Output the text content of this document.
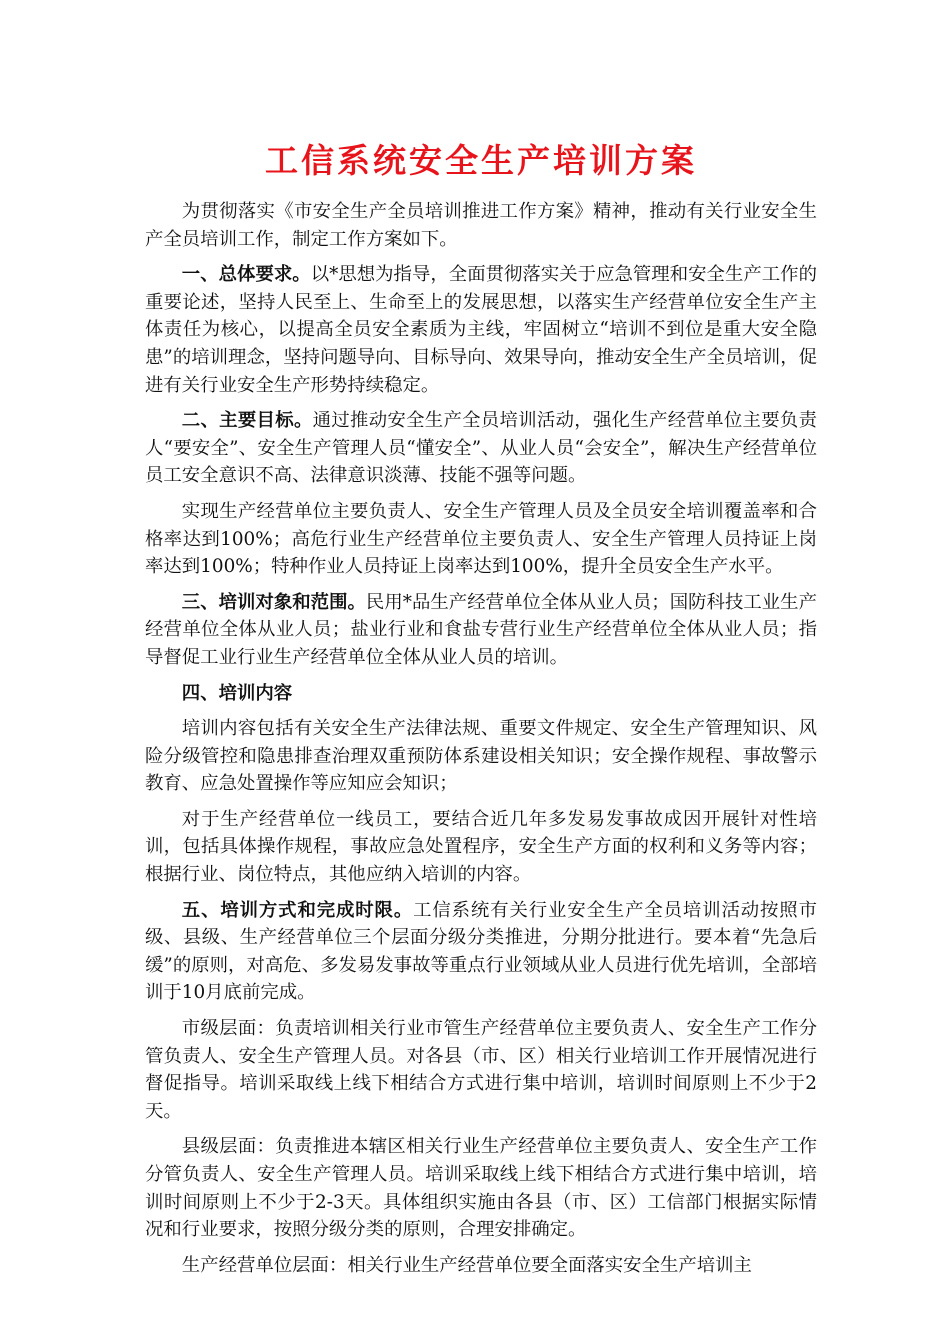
工信系统安全生产培训方案

为贯彻落实《市安全生产全员培训推进工作方案》精神，推动有关行业安全生产全员培训工作，制定工作方案如下。

一、总体要求。以*思想为指导，全面贯彻落实关于应急管理和安全生产工作的重要论述，坚持人民至上、生命至上的发展思想，以落实生产经营单位安全生产主体责任为核心，以提高全员安全素质为主线，牢固树立“培训不到位是重大安全隐患”的培训理念，坚持问题导向、目标导向、效果导向，推动安全生产全员培训，促进有关行业安全生产形势持续稳定。

二、主要目标。通过推动安全生产全员培训活动，强化生产经营单位主要负责人“要安全”、安全生产管理人员“懂安全”、从业人员“会安全”，解决生产经营单位员工安全意识不高、法律意识淡薄、技能不强等问题。

实现生产经营单位主要负责人、安全生产管理人员及全员安全培训覆盖率和合格率达到100%；高危行业生产经营单位主要负责人、安全生产管理人员持证上岗率达到100%；特种作业人员持证上岗率达到100%，提升全员安全生产水平。

三、培训对象和范围。民用*品生产经营单位全体从业人员；国防科技工业生产经营单位全体从业人员；盐业行业和食盐专营行业生产经营单位全体从业人员；指导督促工业行业生产经营单位全体从业人员的培训。

四、培训内容

培训内容包括有关安全生产法律法规、重要文件规定、安全生产管理知识、风险分级管控和隐患排查治理双重预防体系建设相关知识；安全操作规程、事故警示教育、应急处置操作等应知应会知识；

对于生产经营单位一线员工，要结合近几年多发易发事故成因开展针对性培训，包括具体操作规程，事故应急处置程序，安全生产方面的权利和义务等内容；根据行业、岗位特点，其他应纳入培训的内容。

五、培训方式和完成时限。工信系统有关行业安全生产全员培训活动按照市级、县级、生产经营单位三个层面分级分类推进，分期分批进行。要本着“先急后缓”的原则，对高危、多发易发事故等重点行业领域从业人员进行优先培训，全部培训于10月底前完成。

市级层面：负责培训相关行业市管生产经营单位主要负责人、安全生产工作分管负责人、安全生产管理人员。对各县（市、区）相关行业培训工作开展情况进行督促指导。培训采取线上线下相结合方式进行集中培训，培训时间原则上不少于2天。

县级层面：负责推进本辖区相关行业生产经营单位主要负责人、安全生产工作分管负责人、安全生产管理人员。培训采取线上线下相结合方式进行集中培训，培训时间原则上不少于2-3天。具体组织实施由各县（市、区）工信部门根据实际情况和行业要求，按照分级分类的原则，合理安排确定。

生产经营单位层面：相关行业生产经营单位要全面落实安全生产培训主
